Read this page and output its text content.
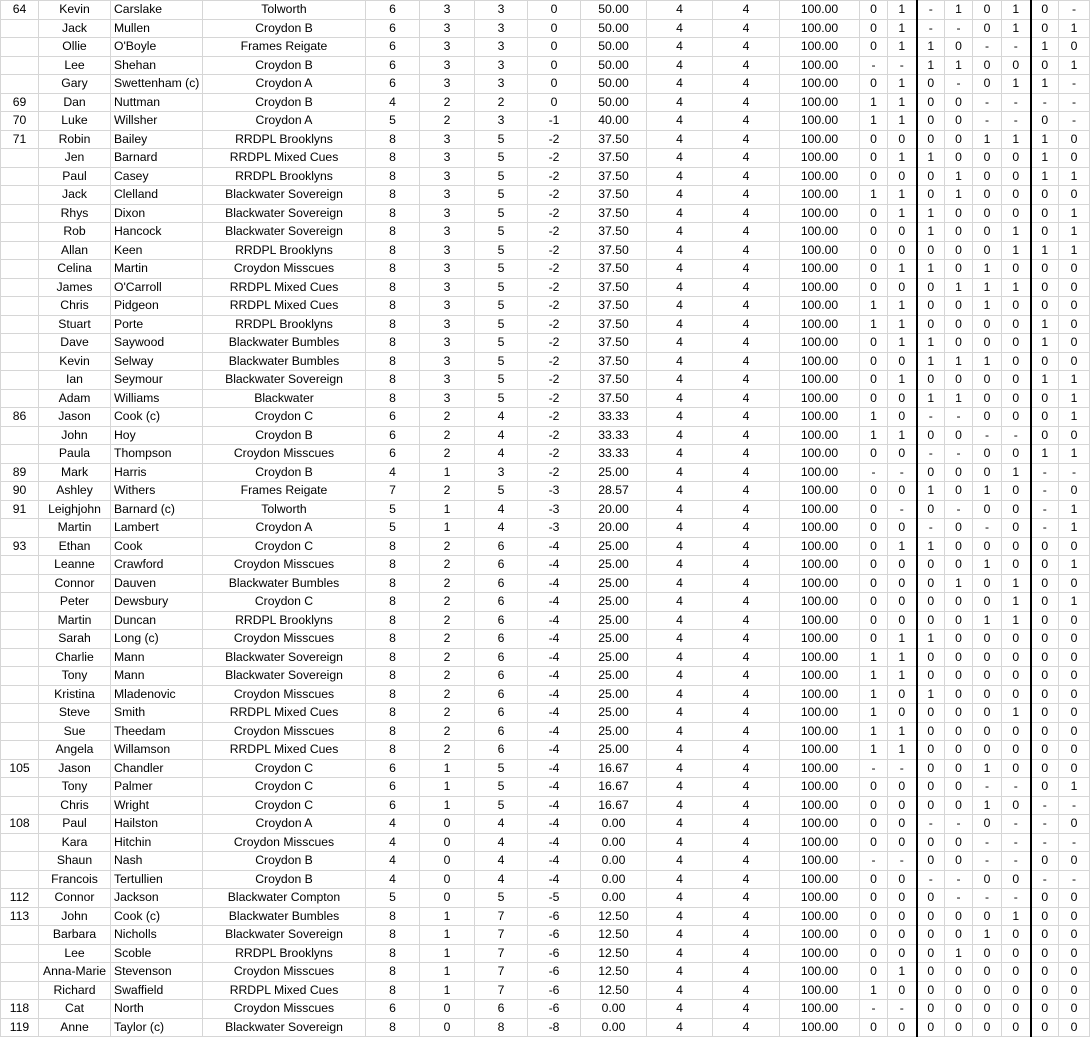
64	Kevin	Carslake	Tolworth	6	3	3	0	50.00	4	4	100.00	0	1	-	1	0	1	0	-
	Jack	Mullen	Croydon B	6	3	3	0	50.00	4	4	100.00	0	1	-	-	0	1	0	1
	Ollie	O'Boyle	Frames Reigate	6	3	3	0	50.00	4	4	100.00	0	1	1	0	-	-	1	0
	Lee	Shehan	Croydon B	6	3	3	0	50.00	4	4	100.00	-	-	1	1	0	0	0	1
	Gary	Swettenham (c)	Croydon A	6	3	3	0	50.00	4	4	100.00	0	1	0	-	0	1	1	-
69	Dan	Nuttman	Croydon B	4	2	2	0	50.00	4	4	100.00	1	1	0	0	-	-	-	-
70	Luke	Willsher	Croydon A	5	2	3	-1	40.00	4	4	100.00	1	1	0	0	-	-	0	-
71	Robin	Bailey	RRDPL Brooklyns	8	3	5	-2	37.50	4	4	100.00	0	0	0	0	1	1	1	0
	Jen	Barnard	RRDPL Mixed Cues	8	3	5	-2	37.50	4	4	100.00	0	1	1	0	0	0	1	0
	Paul	Casey	RRDPL Brooklyns	8	3	5	-2	37.50	4	4	100.00	0	0	0	1	0	0	1	1
	Jack	Clelland	Blackwater Sovereign	8	3	5	-2	37.50	4	4	100.00	1	1	0	1	0	0	0	0
	Rhys	Dixon	Blackwater Sovereign	8	3	5	-2	37.50	4	4	100.00	0	1	1	0	0	0	0	1
	Rob	Hancock	Blackwater Sovereign	8	3	5	-2	37.50	4	4	100.00	0	0	1	0	0	1	0	1
	Allan	Keen	RRDPL Brooklyns	8	3	5	-2	37.50	4	4	100.00	0	0	0	0	0	1	1	1
	Celina	Martin	Croydon Misscues	8	3	5	-2	37.50	4	4	100.00	0	1	1	0	1	0	0	0
	James	O'Carroll	RRDPL Mixed Cues	8	3	5	-2	37.50	4	4	100.00	0	0	0	1	1	1	0	0
	Chris	Pidgeon	RRDPL Mixed Cues	8	3	5	-2	37.50	4	4	100.00	1	1	0	0	1	0	0	0
	Stuart	Porte	RRDPL Brooklyns	8	3	5	-2	37.50	4	4	100.00	1	1	0	0	0	0	1	0
	Dave	Saywood	Blackwater Bumbles	8	3	5	-2	37.50	4	4	100.00	0	1	1	0	0	0	1	0
	Kevin	Selway	Blackwater Bumbles	8	3	5	-2	37.50	4	4	100.00	0	0	1	1	1	0	0	0
	Ian	Seymour	Blackwater Sovereign	8	3	5	-2	37.50	4	4	100.00	0	1	0	0	0	0	1	1
	Adam	Williams	Blackwater	8	3	5	-2	37.50	4	4	100.00	0	0	1	1	0	0	0	1
86	Jason	Cook (c)	Croydon C	6	2	4	-2	33.33	4	4	100.00	1	0	-	-	0	0	0	1
	John	Hoy	Croydon B	6	2	4	-2	33.33	4	4	100.00	1	1	0	0	-	-	0	0
	Paula	Thompson	Croydon Misscues	6	2	4	-2	33.33	4	4	100.00	0	0	-	-	0	0	1	1
89	Mark	Harris	Croydon B	4	1	3	-2	25.00	4	4	100.00	-	-	0	0	0	1	-	-
90	Ashley	Withers	Frames Reigate	7	2	5	-3	28.57	4	4	100.00	0	0	1	0	1	0	-	0
91	Leighjohn	Barnard (c)	Tolworth	5	1	4	-3	20.00	4	4	100.00	0	-	0	-	0	0	-	1
	Martin	Lambert	Croydon A	5	1	4	-3	20.00	4	4	100.00	0	0	-	0	-	0	-	1
93	Ethan	Cook	Croydon C	8	2	6	-4	25.00	4	4	100.00	0	1	1	0	0	0	0	0
	Leanne	Crawford	Croydon Misscues	8	2	6	-4	25.00	4	4	100.00	0	0	0	0	1	0	0	1
	Connor	Dauven	Blackwater Bumbles	8	2	6	-4	25.00	4	4	100.00	0	0	0	1	0	1	0	0
	Peter	Dewsbury	Croydon C	8	2	6	-4	25.00	4	4	100.00	0	0	0	0	0	1	0	1
	Martin	Duncan	RRDPL Brooklyns	8	2	6	-4	25.00	4	4	100.00	0	0	0	0	1	1	0	0
	Sarah	Long (c)	Croydon Misscues	8	2	6	-4	25.00	4	4	100.00	0	1	1	0	0	0	0	0
	Charlie	Mann	Blackwater Sovereign	8	2	6	-4	25.00	4	4	100.00	1	1	0	0	0	0	0	0
	Tony	Mann	Blackwater Sovereign	8	2	6	-4	25.00	4	4	100.00	1	1	0	0	0	0	0	0
	Kristina	Mladenovic	Croydon Misscues	8	2	6	-4	25.00	4	4	100.00	1	0	1	0	0	0	0	0
	Steve	Smith	RRDPL Mixed Cues	8	2	6	-4	25.00	4	4	100.00	1	0	0	0	0	1	0	0
	Sue	Theedam	Croydon Misscues	8	2	6	-4	25.00	4	4	100.00	1	1	0	0	0	0	0	0
	Angela	Willamson	RRDPL Mixed Cues	8	2	6	-4	25.00	4	4	100.00	1	1	0	0	0	0	0	0
105	Jason	Chandler	Croydon C	6	1	5	-4	16.67	4	4	100.00	-	-	0	0	1	0	0	0
	Tony	Palmer	Croydon C	6	1	5	-4	16.67	4	4	100.00	0	0	0	0	-	-	0	1
	Chris	Wright	Croydon C	6	1	5	-4	16.67	4	4	100.00	0	0	0	0	1	0	-	-
108	Paul	Hailston	Croydon A	4	0	4	-4	0.00	4	4	100.00	0	0	-	-	0	-	-	0
	Kara	Hitchin	Croydon Misscues	4	0	4	-4	0.00	4	4	100.00	0	0	0	0	-	-	-	-
	Shaun	Nash	Croydon B	4	0	4	-4	0.00	4	4	100.00	-	-	0	0	-	-	0	0
	Francois	Tertullien	Croydon B	4	0	4	-4	0.00	4	4	100.00	0	0	-	-	0	0	-	-
112	Connor	Jackson	Blackwater Compton	5	0	5	-5	0.00	4	4	100.00	0	0	0	-	-	-	0	0
113	John	Cook (c)	Blackwater Bumbles	8	1	7	-6	12.50	4	4	100.00	0	0	0	0	0	1	0	0
	Barbara	Nicholls	Blackwater Sovereign	8	1	7	-6	12.50	4	4	100.00	0	0	0	0	1	0	0	0
	Lee	Scoble	RRDPL Brooklyns	8	1	7	-6	12.50	4	4	100.00	0	0	0	1	0	0	0	0
	Anna-Marie	Stevenson	Croydon Misscues	8	1	7	-6	12.50	4	4	100.00	0	1	0	0	0	0	0	0
	Richard	Swaffield	RRDPL Mixed Cues	8	1	7	-6	12.50	4	4	100.00	1	0	0	0	0	0	0	0
118	Cat	North	Croydon Misscues	6	0	6	-6	0.00	4	4	100.00	-	-	0	0	0	0	0	0
119	Anne	Taylor (c)	Blackwater Sovereign	8	0	8	-8	0.00	4	4	100.00	0	0	0	0	0	0	0	0
